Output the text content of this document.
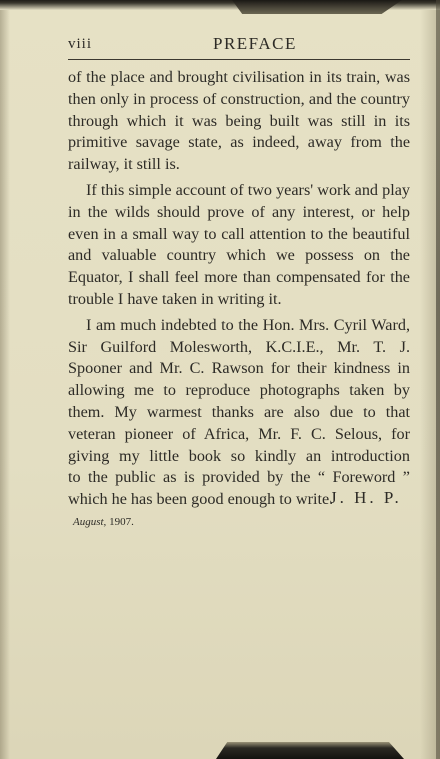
viii	PREFACE
of the place and brought civilisation in its train, was
then only in process of construction, and the country
through which it was being built was still in its
primitive savage state, as indeed, away from the
railway, it still is.
If this simple account of two years' work and play
in the wilds should prove of any interest, or help
even in a small way to call attention to the beautiful
and valuable country which we possess on the
Equator, I shall feel more than compensated for the
trouble I have taken in writing it.
I am much indebted to the Hon. Mrs. Cyril Ward,
Sir Guilford Molesworth, K.C.I.E., Mr. T. J.
Spooner and Mr. C. Rawson for their kindness in
allowing me to reproduce photographs taken by
them. My warmest thanks are also due to that
veteran pioneer of Africa, Mr. F. C. Selous, for
giving my little book so kindly an introduction
to the public as is provided by the “ Foreword ”
which he has been good enough to write.
J. H. P.
August, 1907.
